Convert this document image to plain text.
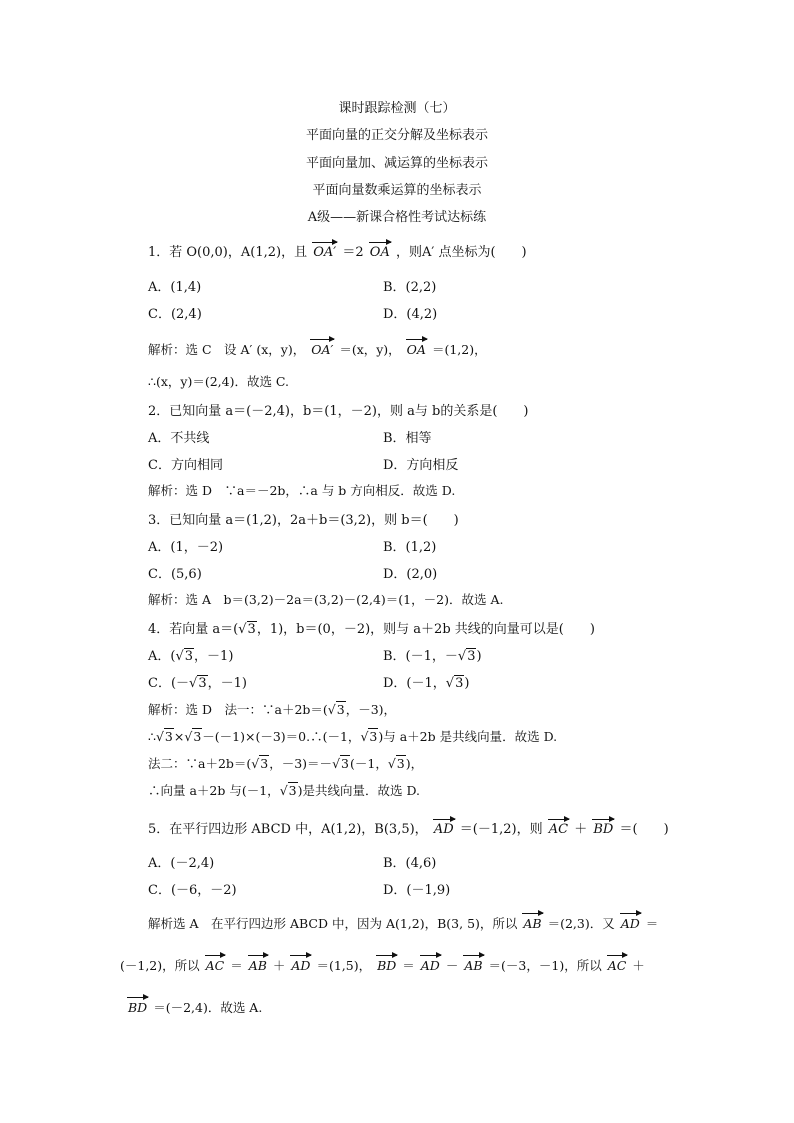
课时跟踪检测（七）
平面向量的正交分解及坐标表示
平面向量加、减运算的坐标表示
平面向量数乘运算的坐标表示
A级——新课合格性考试达标练
1．若 O(0,0)，A(1,2)，且 OA′ ＝2 OA ，则A′ 点坐标为(　　)
A．(1,4)	B．(2,2)
C．(2,4)	D．(4,2)
解析：选 C　设 A′ (x，y)， OA′ ＝(x，y)， OA ＝(1,2)，
∴(x，y)＝(2,4)．故选 C.
2．已知向量 a＝(－2,4)，b＝(1，－2)，则 a与 b的关系是(　　)
A．不共线	B．相等
C．方向相同	D．方向相反
解析：选 D　∵a＝－2b，∴a 与 b 方向相反．故选 D.
3．已知向量 a＝(1,2)，2a＋b＝(3,2)，则 b＝(　　)
A．(1，－2)	B．(1,2)
C．(5,6)	D．(2,0)
解析：选 A　b＝(3,2)－2a＝(3,2)－(2,4)＝(1，－2)．故选 A.
4．若向量 a＝(√3，1)，b＝(0，－2)，则与 a＋2b 共线的向量可以是(　　)
A．(√3，－1)	B．(－1，－√3)
C．(－√3，－1)	D．(－1，√3)
解析：选 D　法一：∵a＋2b＝(√3，－3)，
∴√3×√3－(－1)×(－3)＝0.∴(－1，√3)与 a＋2b 是共线向量．故选 D.
法二：∵a＋2b＝(√3，－3)＝－√3(－1，√3)，
∴向量 a＋2b 与(－1，√3)是共线向量．故选 D.
5．在平行四边形 ABCD 中，A(1,2)，B(3,5)， AD ＝(－1,2)，则 AC ＋ BD ＝(　　)
A．(－2,4)	B．(4,6)
C．(－6，－2)	D．(－1,9)
解析选 A　在平行四边形 ABCD 中，因为 A(1,2)，B(3, 5)，所以 AB ＝(2,3)．又 AD ＝
(－1,2)，所以 AC ＝ AB ＋ AD ＝(1,5)， BD ＝ AD － AB ＝(－3，－1)，所以 AC ＋
BD ＝(－2,4)．故选 A.
